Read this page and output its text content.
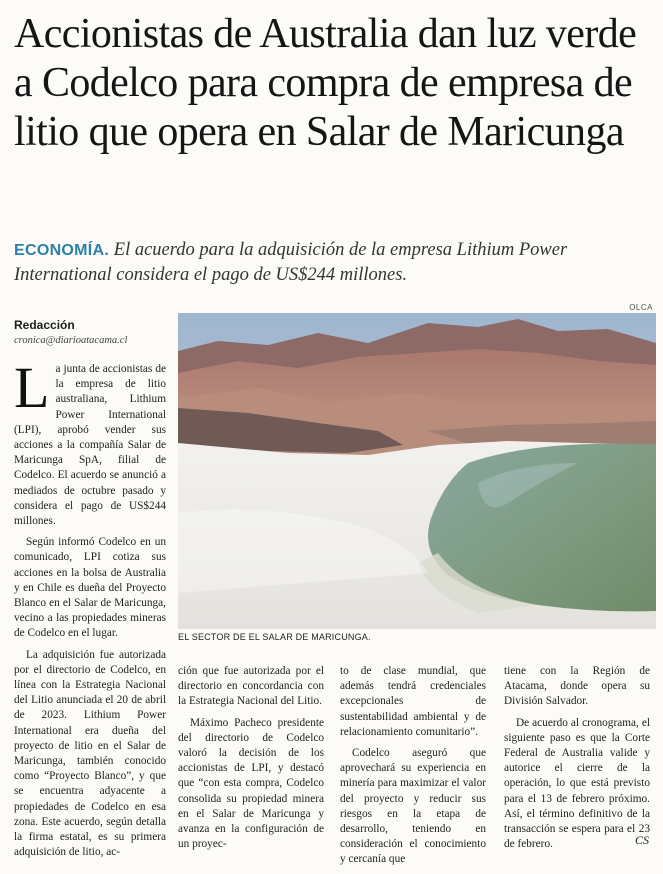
Accionistas de Australia dan luz verde a Codelco para compra de empresa de litio que opera en Salar de Maricunga
ECONOMÍA. El acuerdo para la adquisición de la empresa Lithium Power International considera el pago de US$244 millones.
Redacción
cronica@diarioatacama.cl
OLCA
EL SECTOR DE EL SALAR DE MARICUNGA.

La junta de accionistas de la empresa de litio australiana, Lithium Power International (LPI), aprobó vender sus acciones a la compañía Salar de Maricunga SpA, filial de Codelco. El acuerdo se anunció a mediados de octubre pasado y considera el pago de US$244 millones.

Según informó Codelco en un comunicado, LPI cotiza sus acciones en la bolsa de Australia y en Chile es dueña del Proyecto Blanco en el Salar de Maricunga, vecino a las propiedades mineras de Codelco en el lugar.

La adquisición fue autorizada por el directorio de Codelco, en línea con la Estrategia Nacional del Litio anunciada el 20 de abril de 2023. Lithium Power International era dueña del proyecto de litio en el Salar de Maricunga, también conocido como “Proyecto Blanco”, y que se encuentra adyacente a propiedades de Codelco en esa zona. Este acuerdo, según detalla la firma estatal, es su primera adquisición de litio, ac-

ción que fue autorizada por el directorio en concordancia con la Estrategia Nacional del Litio.

Máximo Pacheco presidente del directorio de Codelco valoró la decisión de los accionistas de LPI, y destacó que “con esta compra, Codelco consolida su propiedad minera en el Salar de Maricunga y avanza en la configuración de un proyec-

to de clase mundial, que además tendrá credenciales excepcionales de sustentabilidad ambiental y de relacionamiento comunitario”.

Codelco aseguró que aprovechará su experiencia en minería para maximizar el valor del proyecto y reducir sus riesgos en la etapa de desarrollo, teniendo en consideración el conocimiento y cercanía que

tiene con la Región de Atacama, donde opera su División Salvador.

De acuerdo al cronograma, el siguiente paso es que la Corte Federal de Australia valide y autorice el cierre de la operación, lo que está previsto para el 13 de febrero próximo. Así, el término definitivo de la transacción se espera para el 23 de febrero.	CS
